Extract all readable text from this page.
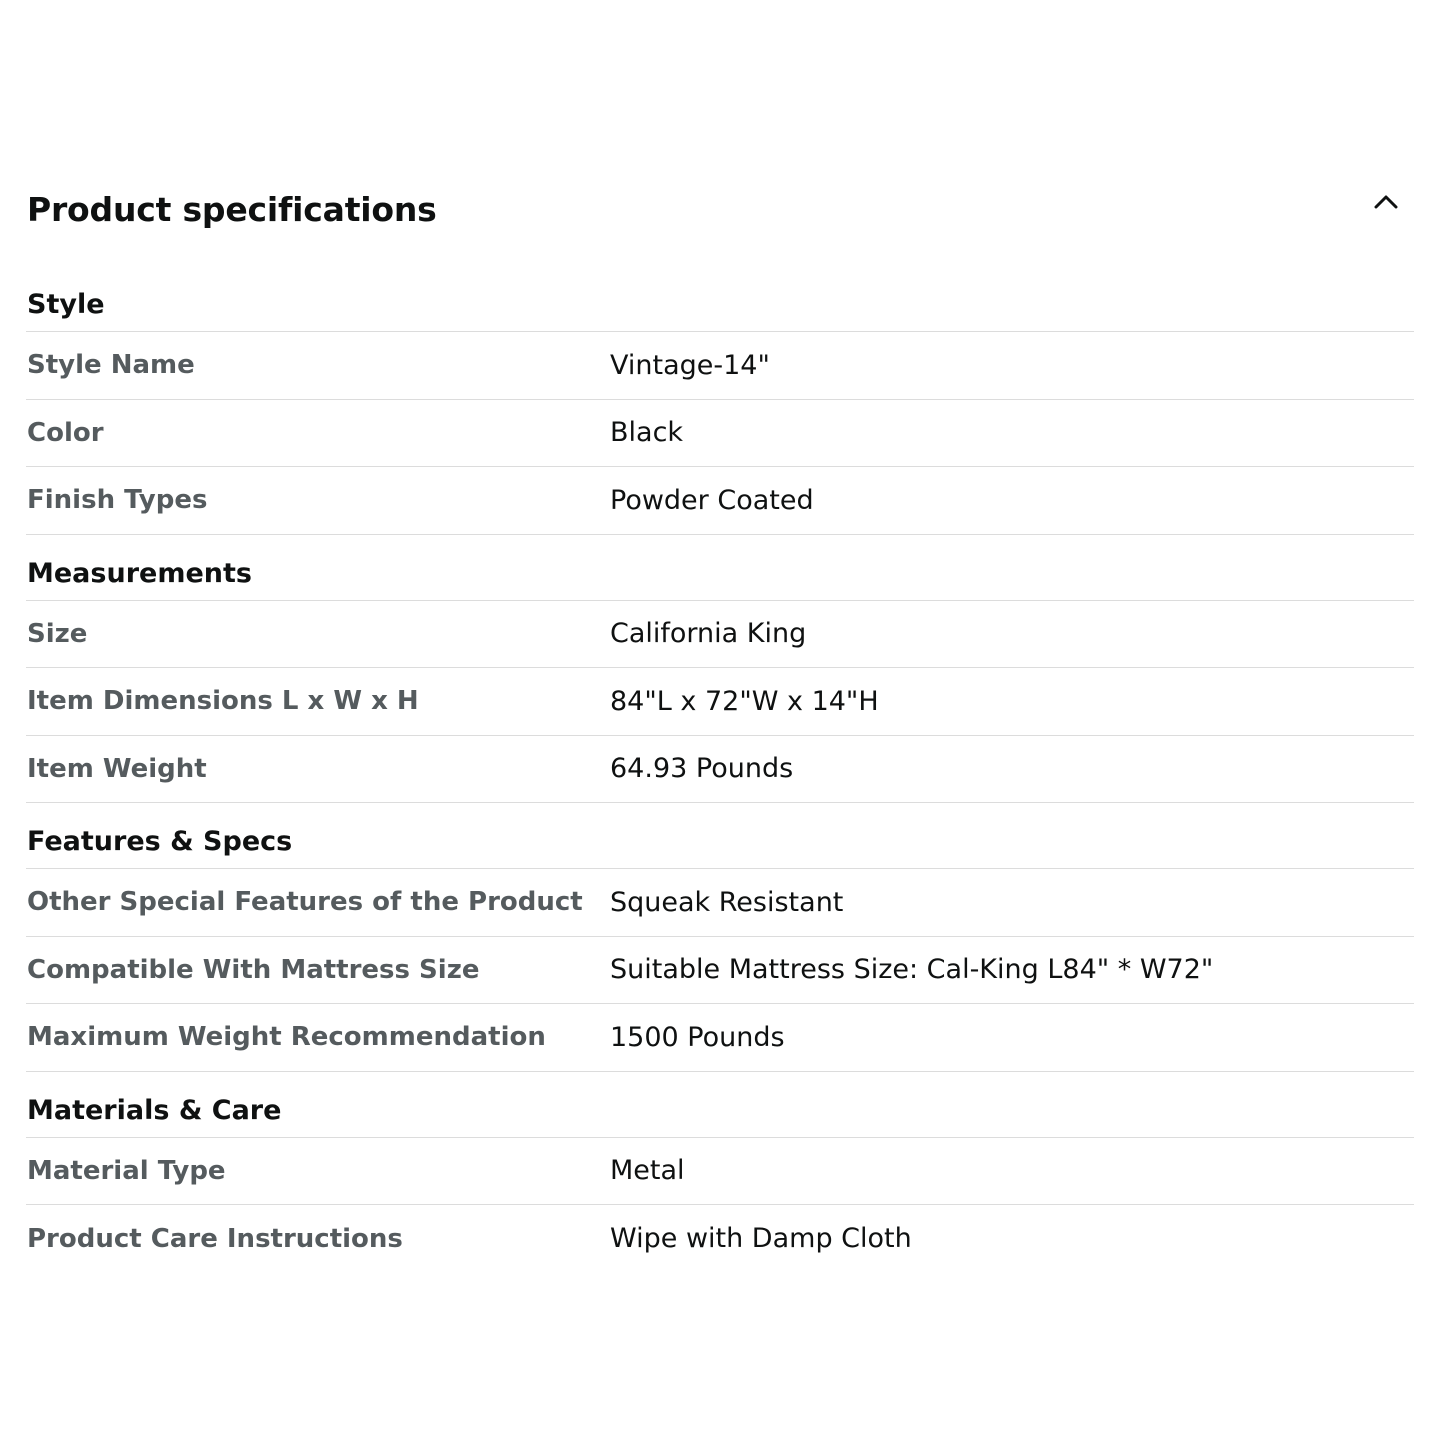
Product specifications
Style
Style Name	Vintage-14"
Color	Black
Finish Types	Powder Coated
Measurements
Size	California King
Item Dimensions L x W x H	84"L x 72"W x 14"H
Item Weight	64.93 Pounds
Features & Specs
Other Special Features of the Product	Squeak Resistant
Compatible With Mattress Size	Suitable Mattress Size: Cal-King L84" * W72"
Maximum Weight Recommendation	1500 Pounds
Materials & Care
Material Type	Metal
Product Care Instructions	Wipe with Damp Cloth
